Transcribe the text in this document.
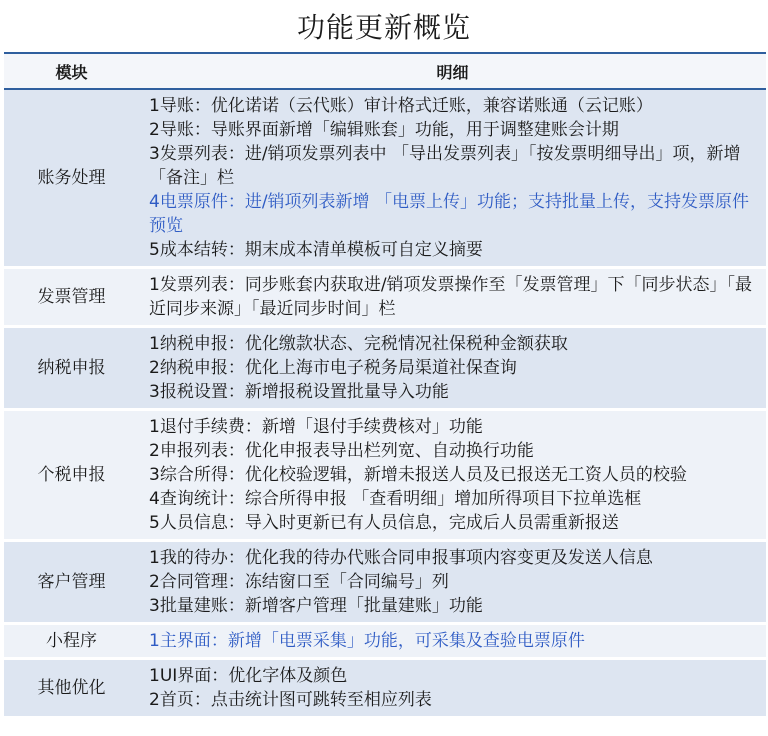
功能更新概览
模块	明细
账务处理	1导账：优化诺诺（云代账）审计格式迁账，兼容诺账通（云记账）
2导账：导账界面新增「编辑账套」功能，用于调整建账会计期
3发票列表：进/销项发票列表中 「导出发票列表」「按发票明细导出」项，新增「备注」栏
4电票原件：进/销项列表新增 「电票上传」功能；支持批量上传，支持发票原件预览
5成本结转：期末成本清单模板可自定义摘要

发票管理	1发票列表：同步账套内获取进/销项发票操作至「发票管理」下「同步状态」「最近同步来源」「最近同步时间」栏

纳税申报	1纳税申报：优化缴款状态、完税情况社保税种金额获取
2纳税申报：优化上海市电子税务局渠道社保查询
3报税设置：新增报税设置批量导入功能

个税申报	1退付手续费：新增「退付手续费核对」功能
2申报列表：优化申报表导出栏列宽、自动换行功能
3综合所得：优化校验逻辑，新增未报送人员及已报送无工资人员的校验
4查询统计：综合所得申报 「查看明细」增加所得项目下拉单选框
5人员信息：导入时更新已有人员信息，完成后人员需重新报送

客户管理	1我的待办：优化我的待办代账合同申报事项内容变更及发送人信息
2合同管理：冻结窗口至「合同编号」列
3批量建账：新增客户管理「批量建账」功能

小程序	1主界面：新增「电票采集」功能，可采集及查验电票原件

其他优化	1UI界面：优化字体及颜色
2首页：点击统计图可跳转至相应列表
